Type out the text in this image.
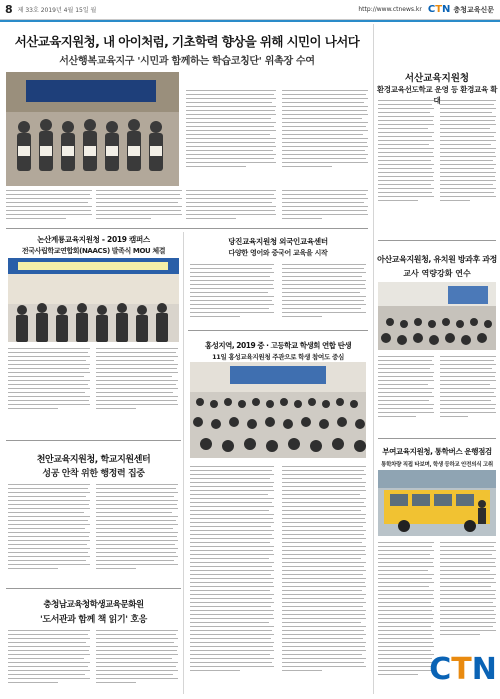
8 제 33호 2019년 4월 15일 월	http://www.ctnews.kr C T N 충청교육신문
서산교육지원청, 내 아이처럼, 기초학력 향상을 위해 시민이 나서다
서산행복교육지구 '시민과 함께하는 학습코칭단' 위촉장 수여
서산교육지원청
환경교육선도학교 운영 등 환경교육 확대
아산교육지원청, 유치원 방과후 과정
교사 역량강화 연수
논산계룡교육지원청 - 2019 캠퍼스
전국사립학교연합회(NAACS) 발족식 MOU 체결
당진교육지원청 외국인교육센터
다양한 영어와 중국어 교육을 시작
홍성지역, 2019 중 · 고등학교 학생회 연합 탄생
11일 홍성교육지원청 주관으로 학생 참여도 중심
천안교육지원청, 학교지원센터
성공 안착 위한 행정력 집중
충청남교육청학생교육문화원
'도서관과 함께 책 읽기' 호응
부여교육지원청, 통학버스 운행점검
통학차량 직접 타보며, 학생 등하교 안전의식 고취
C T N
